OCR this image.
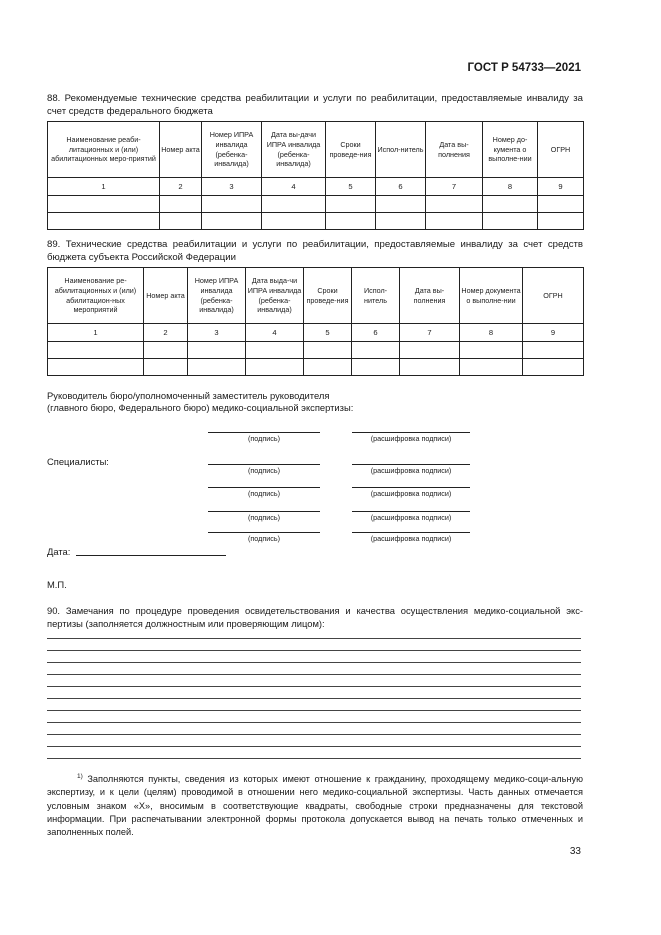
ГОСТ Р 54733—2021
88. Рекомендуемые технические средства реабилитации и услуги по реабилитации, предоставляемые инвалиду за счет средств федерального бюджета
Наименование реаби-литационных и (или) абилитационных меро-приятий	Номер акта	Номер ИПРА инвалида (ребенка-инвалида)	Дата вы-дачи ИПРА инвалида (ребенка-инвалида)	Сроки проведе-ния	Испол-нитель	Дата вы-полнения	Номер до-кумента о выполне-нии	ОГРН
1	2	3	4	5	6	7	8	9

89. Технические средства реабилитации и услуги по реабилитации, предоставляемые инвалиду за счет средств бюджета субъекта Российской Федерации
Наименование ре-абилитационных и (или) абилитацион-ных мероприятий	Номер акта	Номер ИПРА инвалида (ребенка-инвалида)	Дата выда-чи ИПРА инвалида (ребенка-инвалида)	Сроки проведе-ния	Испол-нитель	Дата вы-полнения	Номер документа о выполне-нии	ОГРН
1	2	3	4	5	6	7	8	9

Руководитель бюро/уполномоченный заместитель руководителя
(главного бюро, Федерального бюро) медико-социальной экспертизы:
(подпись)	(расшифровка подписи)
Специалисты:
(подпись)	(расшифровка подписи)
(подпись)	(расшифровка подписи)
(подпись)	(расшифровка подписи)
(подпись)	(расшифровка подписи)
Дата:
М.П.
90. Замечания по процедуре проведения освидетельствования и качества осуществления медико-социальной экс-пертизы (заполняется должностным или проверяющим лицом):
$^{1)}$ Заполняются пункты, сведения из которых имеют отношение к гражданину, проходящему медико-соци-альную экспертизу, и к цели (целям) проводимой в отношении него медико-социальной экспертизы. Часть данных отмечается условным знаком «Х», вносимым в соответствующие квадраты, свободные строки предназначены для текстовой информации. При распечатывании электронной формы протокола допускается вывод на печать только отмеченных и заполненных полей.
33
